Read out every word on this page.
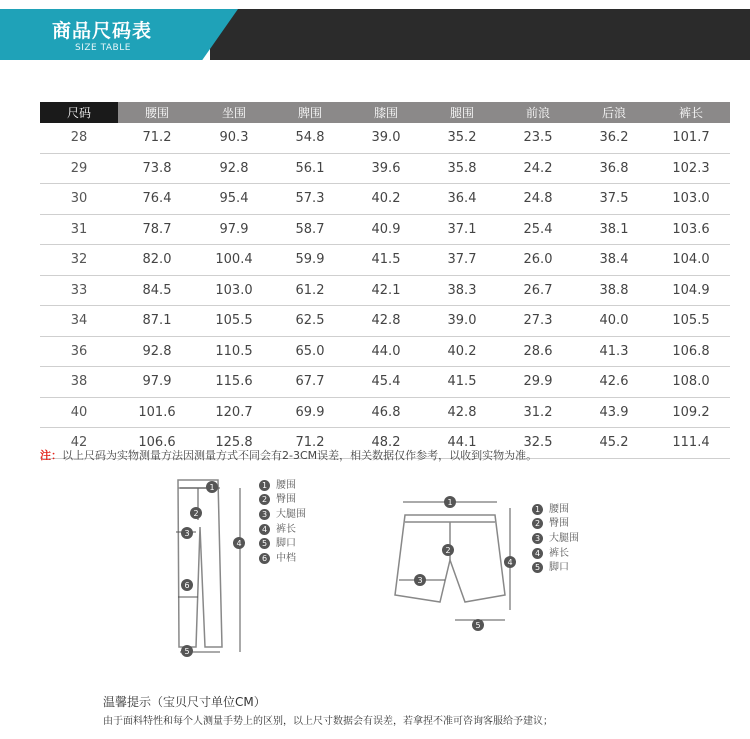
商品尺码表
SIZE TABLE
尺码	腰围	坐围	脾围	膝围	腿围	前浪	后浪	裤长
28	71.2	90.3	54.8	39.0	35.2	23.5	36.2	101.7
29	73.8	92.8	56.1	39.6	35.8	24.2	36.8	102.3
30	76.4	95.4	57.3	40.2	36.4	24.8	37.5	103.0
31	78.7	97.9	58.7	40.9	37.1	25.4	38.1	103.6
32	82.0	100.4	59.9	41.5	37.7	26.0	38.4	104.0
33	84.5	103.0	61.2	42.1	38.3	26.7	38.8	104.9
34	87.1	105.5	62.5	42.8	39.0	27.3	40.0	105.5
36	92.8	110.5	65.0	44.0	40.2	28.6	41.3	106.8
38	97.9	115.6	67.7	45.4	41.5	29.9	42.6	108.0
40	101.6	120.7	69.9	46.8	42.8	31.2	43.9	109.2
42	106.6	125.8	71.2	48.2	44.1	32.5	45.2	111.4
注：以上尺码为实物测量方法因测量方式不同会有2-3CM误差，相关数据仅作参考，以收到实物为准。
1
2
3
4
6
5
1 腰围
2 臀围
3 大腿围
4 裤长
5 脚口
6 中档
1
2
3
4
5
1 腰围
2 臀围
3 大腿围
4 裤长
5 脚口
温馨提示（宝贝尺寸单位CM）
由于面料特性和每个人测量手势上的区别，以上尺寸数据会有误差，若拿捏不准可咨询客服给予建议；
